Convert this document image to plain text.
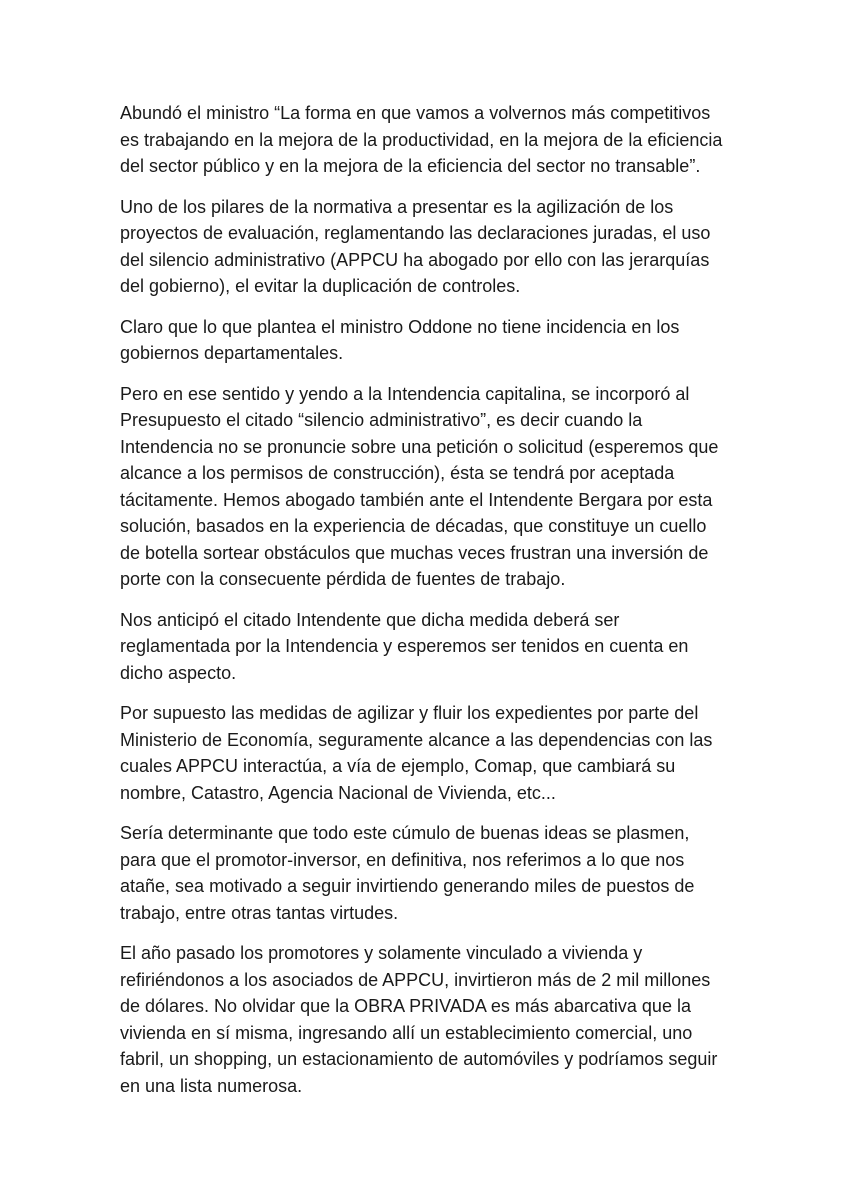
Abundó el ministro “La forma en que vamos a volvernos más competitivos es trabajando en la mejora de la productividad, en la mejora de la eficiencia del sector público y en la mejora de la eficiencia del sector no transable”.

Uno de los pilares de la normativa a presentar es la agilización de los proyectos de evaluación, reglamentando las declaraciones juradas, el uso del silencio administrativo (APPCU ha abogado por ello con las jerarquías del gobierno), el evitar la duplicación de controles.

Claro que lo que plantea el ministro Oddone no tiene incidencia en los gobiernos departamentales.

Pero en ese sentido y yendo a la Intendencia capitalina, se incorporó al Presupuesto el citado “silencio administrativo”, es decir cuando la Intendencia no se pronuncie sobre una petición o solicitud (esperemos que alcance a los permisos de construcción), ésta se tendrá por aceptada tácitamente. Hemos abogado también ante el Intendente Bergara por esta solución, basados en la experiencia de décadas, que constituye un cuello de botella sortear obstáculos que muchas veces frustran una inversión de porte con la consecuente pérdida de fuentes de trabajo.

Nos anticipó el citado Intendente que dicha medida deberá ser reglamentada por la Intendencia y esperemos ser tenidos en cuenta en dicho aspecto.

Por supuesto las medidas de agilizar y fluir los expedientes por parte del Ministerio de Economía, seguramente alcance a las dependencias con las cuales APPCU interactúa, a vía de ejemplo, Comap, que cambiará su nombre, Catastro, Agencia Nacional de Vivienda, etc...

Sería determinante que todo este cúmulo de buenas ideas se plasmen, para que el promotor-inversor, en definitiva, nos referimos a lo que nos atañe, sea motivado a seguir invirtiendo generando miles de puestos de trabajo, entre otras tantas virtudes.

El año pasado los promotores y solamente vinculado a vivienda y refiriéndonos a los asociados de APPCU, invirtieron más de 2 mil millones de dólares. No olvidar que la OBRA PRIVADA es más abarcativa que la vivienda en sí misma, ingresando allí un establecimiento comercial, uno fabril, un shopping, un estacionamiento de automóviles y podríamos seguir en una lista numerosa.
